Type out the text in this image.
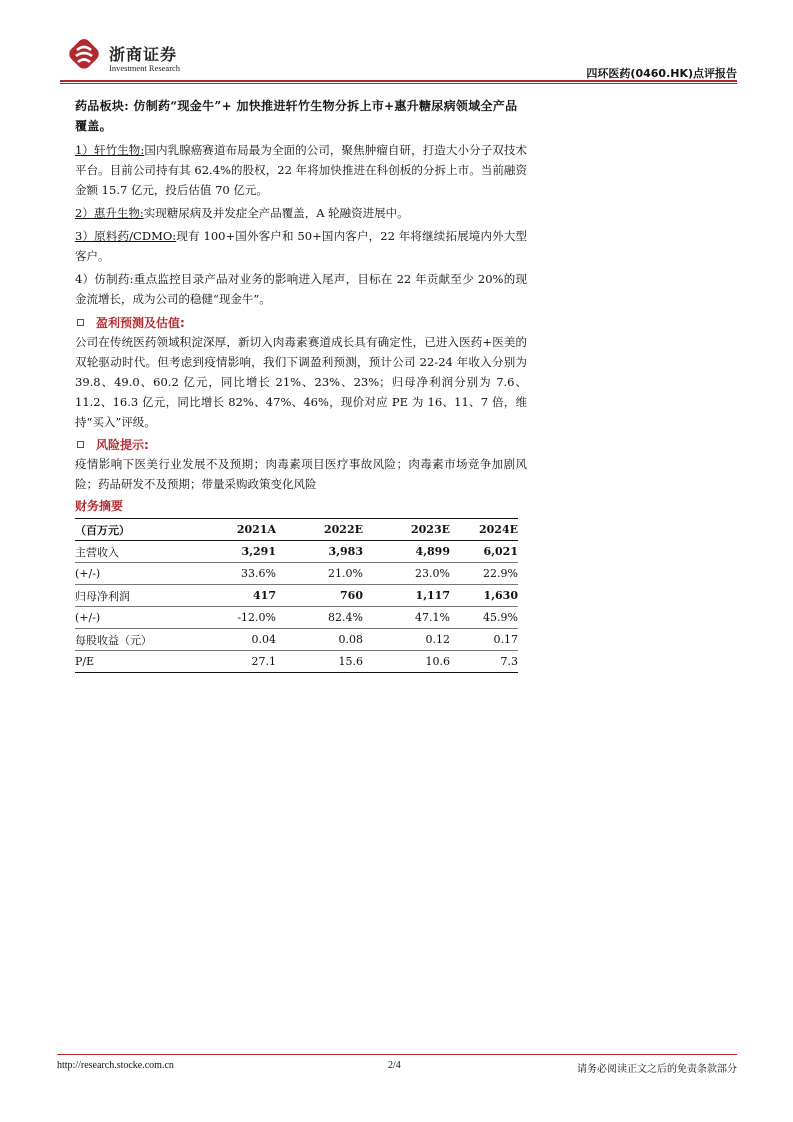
浙商证券
Investment Research	四环医药(0460.HK)点评报告
药品板块: 仿制药“现金牛”+ 加快推进轩竹生物分拆上市+惠升糖尿病领域全产品覆盖。

1）轩竹生物:国内乳腺癌赛道布局最为全面的公司，聚焦肿瘤自研，打造大小分子双技术平台。目前公司持有其 62.4%的股权，22 年将加快推进在科创板的分拆上市。当前融资金额 15.7 亿元，投后估值 70 亿元。

2）惠升生物:实现糖尿病及并发症全产品覆盖，A 轮融资进展中。

3）原料药/CDMO:现有 100+国外客户和 50+国内客户，22 年将继续拓展境内外大型客户。

4）仿制药:重点监控目录产品对业务的影响进入尾声，目标在 22 年贡献至少 20%的现金流增长，成为公司的稳健“现金牛”。

盈利预测及估值:

公司在传统医药领域积淀深厚，新切入肉毒素赛道成长具有确定性，已进入医药+医美的双轮驱动时代。但考虑到疫情影响，我们下调盈利预测，预计公司 22-24 年收入分别为 39.8、49.0、60.2 亿元，同比增长 21%、23%、23%；归母净利润分别为 7.6、11.2、16.3 亿元，同比增长 82%、47%、46%，现价对应 PE 为 16、11、7 倍，维持“买入”评级。

风险提示:

疫情影响下医美行业发展不及预期；肉毒素项目医疗事故风险；肉毒素市场竞争加剧风险；药品研发不及预期；带量采购政策变化风险

财务摘要
（百万元）	2021A	2022E	2023E	2024E
主营收入	3,291	3,983	4,899	6,021
(+/-)	33.6%	21.0%	23.0%	22.9%
归母净利润	417	760	1,117	1,630
(+/-)	-12.0%	82.4%	47.1%	45.9%
每股收益（元）	0.04	0.08	0.12	0.17
P/E	27.1	15.6	10.6	7.3
http://research.stocke.com.cn	2/4	请务必阅读正文之后的免责条款部分
